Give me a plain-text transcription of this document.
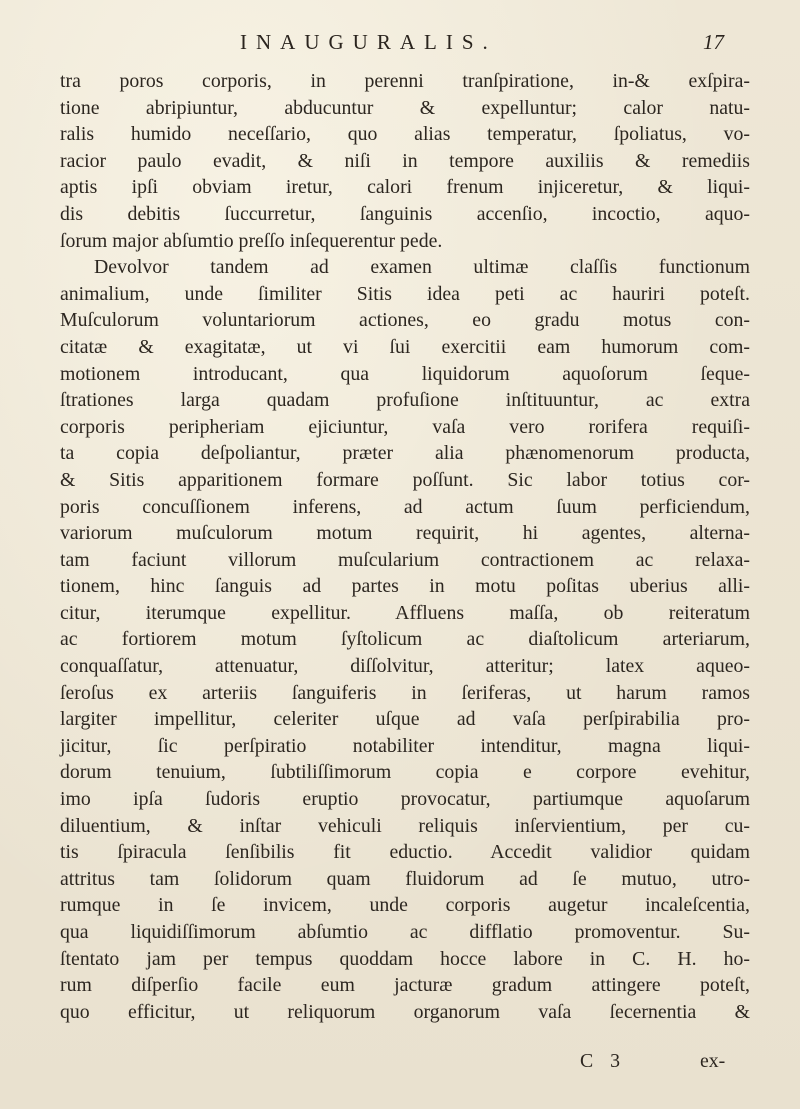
INAUGURALIS.	17
tra poros corporis, in perenni tranſpiratione, in-& exſpira-
tione abripiuntur, abducuntur & expelluntur; calor natu-
ralis humido neceſſario, quo alias temperatur, ſpoliatus, vo-
racior paulo evadit, & niſi in tempore auxiliis & remediis
aptis ipſi obviam iretur, calori frenum injiceretur, & liqui-
dis debitis ſuccurretur, ſanguinis accenſio, incoctio, aquo-
ſorum major abſumtio preſſo inſequerentur pede.
Devolvor tandem ad examen ultimæ claſſis functionum
animalium, unde ſimiliter Sitis idea peti ac hauriri poteſt.
Muſculorum voluntariorum actiones, eo gradu motus con-
citatæ & exagitatæ, ut vi ſui exercitii eam humorum com-
motionem introducant, qua liquidorum aquoſorum ſeque-
ſtrationes larga quadam profuſione inſtituuntur, ac extra
corporis peripheriam ejiciuntur, vaſa vero rorifera requiſi-
ta copia deſpoliantur, præter alia phænomenorum producta,
& Sitis apparitionem formare poſſunt. Sic labor totius cor-
poris concuſſionem inferens, ad actum ſuum perficiendum,
variorum muſculorum motum requirit, hi agentes, alterna-
tam faciunt villorum muſcularium contractionem ac relaxa-
tionem, hinc ſanguis ad partes in motu poſitas uberius alli-
citur, iterumque expellitur. Affluens maſſa, ob reiteratum
ac fortiorem motum ſyſtolicum ac diaſtolicum arteriarum,
conquaſſatur, attenuatur, diſſolvitur, atteritur; latex aqueo-
ſeroſus ex arteriis ſanguiferis in ſeriferas, ut harum ramos
largiter impellitur, celeriter uſque ad vaſa perſpirabilia pro-
jicitur, ſic perſpiratio notabiliter intenditur, magna liqui-
dorum tenuium, ſubtiliſſimorum copia e corpore evehitur,
imo ipſa ſudoris eruptio provocatur, partiumque aquoſarum
diluentium, & inſtar vehiculi reliquis inſervientium, per cu-
tis ſpiracula ſenſibilis fit eductio. Accedit validior quidam
attritus tam ſolidorum quam fluidorum ad ſe mutuo, utro-
rumque in ſe invicem, unde corporis augetur incaleſcentia,
qua liquidiſſimorum abſumtio ac difflatio promoventur. Su-
ſtentato jam per tempus quoddam hocce labore in C. H. ho-
rum diſperſio facile eum jacturæ gradum attingere poteſt,
quo efficitur, ut reliquorum organorum vaſa ſecernentia &
C 3	ex-
